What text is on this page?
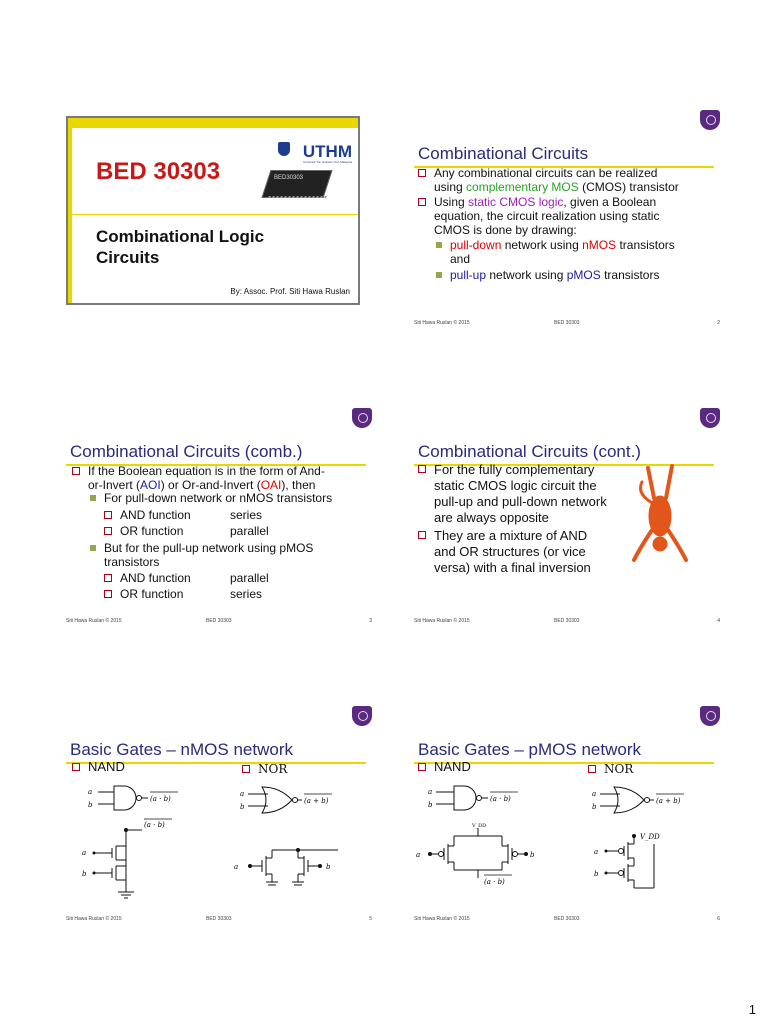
BED 30303
UTHM
Universiti Tun Hussein Onn Malaysia
BED30303
Combinational Logic
Circuits
By: Assoc. Prof. Siti Hawa Ruslan
Combinational Circuits
Any combinational circuits can be realized
using complementary MOS (CMOS) transistor
Using static CMOS logic, given a Boolean
equation, the circuit realization using static
CMOS is done by drawing:
pull-down network using nMOS transistors
and
pull-up network using pMOS transistors
Siti Hawa Ruslan © 2015	BED 30303	2
Combinational Circuits (comb.)
If the Boolean equation is in the form of And-
or-Invert (AOI) or Or-and-Invert (OAI), then
For pull-down network or nMOS transistors
AND function	series
OR function	parallel
But for the pull-up network using pMOS
transistors
AND function	parallel
OR function	series
Siti Hawa Ruslan © 2015	BED 30303	3
Combinational Circuits (cont.)
For the fully complementary
static CMOS logic circuit the
pull-up and pull-down network
are always opposite
They are a mixture of AND
and OR structures (or vice
versa) with a final inversion
Siti Hawa Ruslan © 2015	BED 30303	4
Basic Gates – nMOS network
NAND	NOR
a
b
(a · b)
(a · b)
a
b
a
b
(a + b)
a	b
Siti Hawa Ruslan © 2015	BED 30303	5
Basic Gates – pMOS network
NAND	NOR
a
b
(a · b)
V_DD
a	b
(a · b)
a
b
(a + b)
V_DD
a
b
Siti Hawa Ruslan © 2015	BED 30303	6
1
